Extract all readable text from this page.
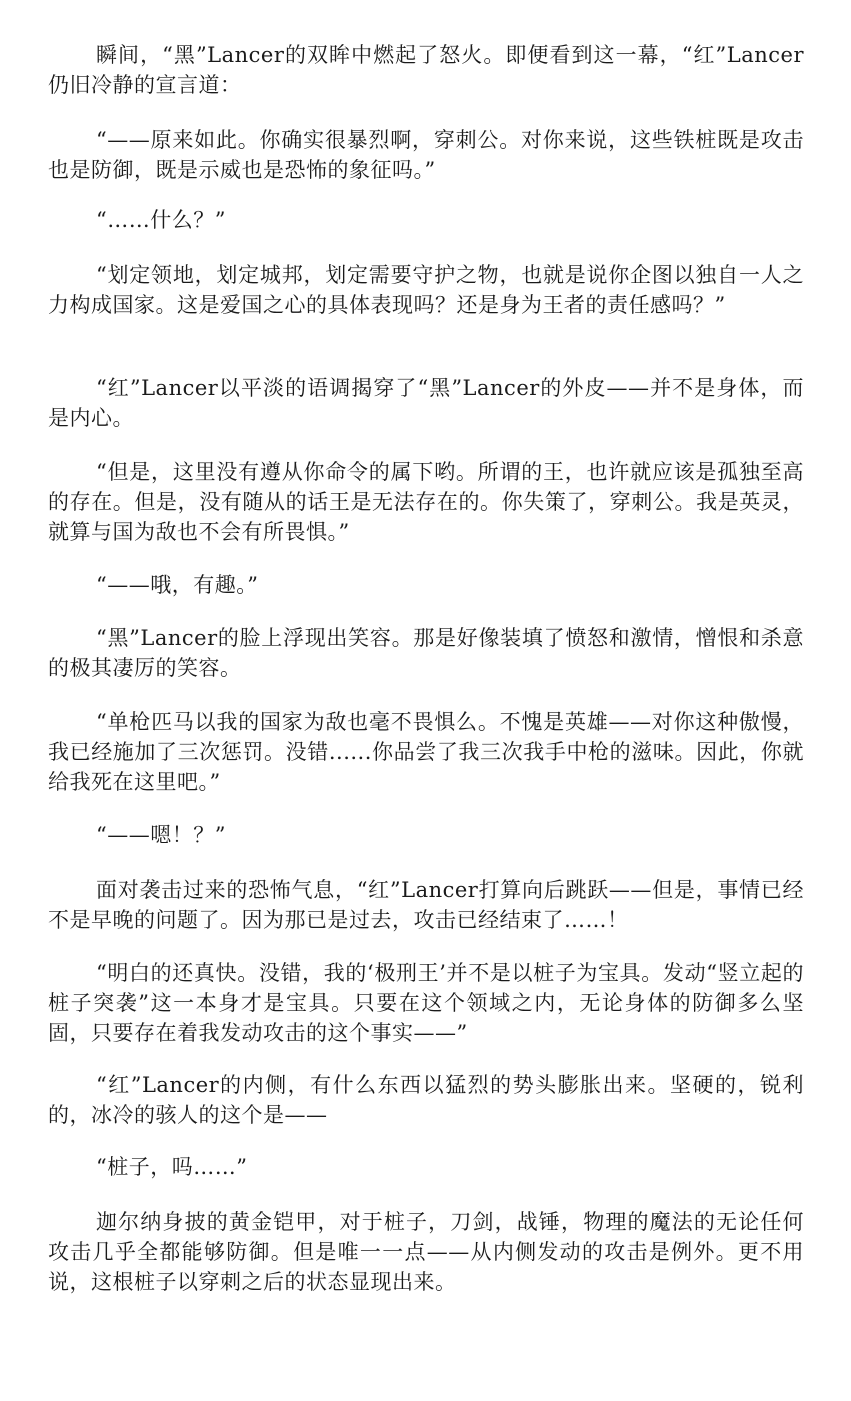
瞬间，“黑”Lancer的双眸中燃起了怒火。即便看到这一幕，“红”Lancer仍旧冷静的宣言道：

“——原来如此。你确实很暴烈啊，穿刺公。对你来说，这些铁桩既是攻击也是防御，既是示威也是恐怖的象征吗。”

“……什么？”

“划定领地，划定城邦，划定需要守护之物，也就是说你企图以独自一人之力构成国家。这是爱国之心的具体表现吗？还是身为王者的责任感吗？”

“红”Lancer以平淡的语调揭穿了“黑”Lancer的外皮——并不是身体，而是内心。

“但是，这里没有遵从你命令的属下哟。所谓的王，也许就应该是孤独至高的存在。但是，没有随从的话王是无法存在的。你失策了，穿刺公。我是英灵，就算与国为敌也不会有所畏惧。”

“——哦，有趣。”

“黑”Lancer的脸上浮现出笑容。那是好像装填了愤怒和激情，憎恨和杀意的极其凄厉的笑容。

“单枪匹马以我的国家为敌也毫不畏惧么。不愧是英雄——对你这种傲慢，我已经施加了三次惩罚。没错......你品尝了我三次我手中枪的滋味。因此，你就给我死在这里吧。”

“——嗯！？”

面对袭击过来的恐怖气息，“红”Lancer打算向后跳跃——但是，事情已经不是早晚的问题了。因为那已是过去，攻击已经结束了……！

“明白的还真快。没错，我的‘极刑王’并不是以桩子为宝具。发动“竖立起的桩子突袭”这一本身才是宝具。只要在这个领域之内，无论身体的防御多么坚固，只要存在着我发动攻击的这个事实——”

“红”Lancer的内侧，有什么东西以猛烈的势头膨胀出来。坚硬的，锐利的，冰冷的骇人的这个是——

“桩子，吗……”

迦尔纳身披的黄金铠甲，对于桩子，刀剑，战锤，物理的魔法的无论任何攻击几乎全都能够防御。但是唯一一点——从内侧发动的攻击是例外。更不用说，这根桩子以穿刺之后的状态显现出来。
